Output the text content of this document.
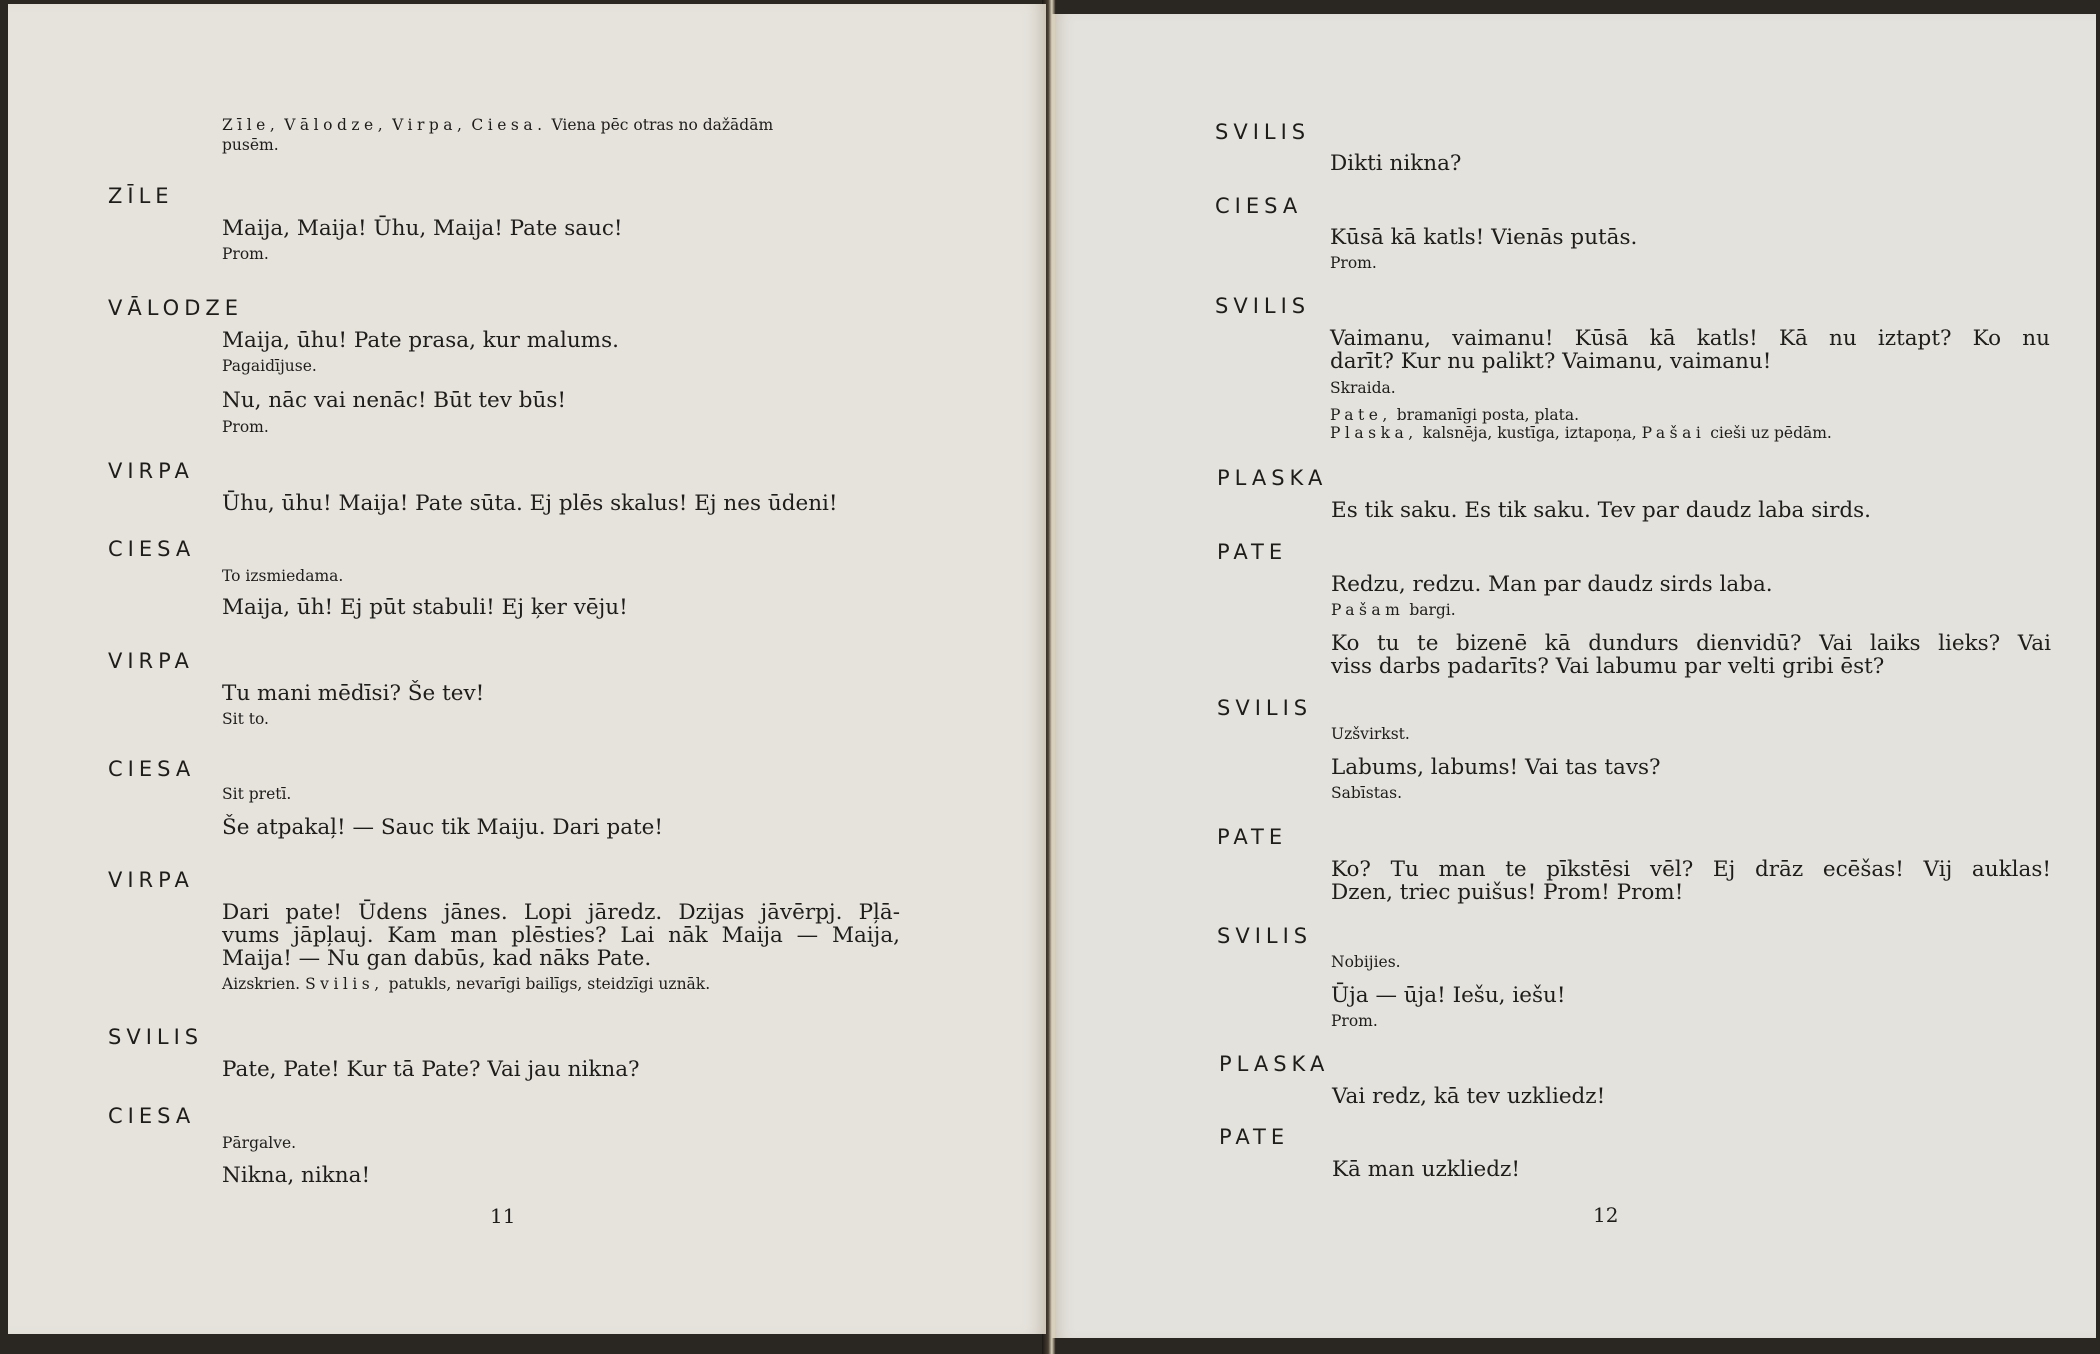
Zīle, Vālodze, Virpa, Ciesa. Viena pēc otras no dažādām
pusēm.
ZĪLE
Maija, Maija! Ūhu, Maija! Pate sauc!
Prom.
VĀLODZE
Maija, ūhu! Pate prasa, kur malums.
Pagaidījuse.
Nu, nāc vai nenāc! Būt tev būs!
Prom.
VIRPA
Ūhu, ūhu! Maija! Pate sūta. Ej plēs skalus! Ej nes ūdeni!
CIESA
To izsmiedama.
Maija, ūh! Ej pūt stabuli! Ej ķer vēju!
VIRPA
Tu mani mēdīsi? Še tev!
Sit to.
CIESA
Sit pretī.
Še atpakaļ! — Sauc tik Maiju. Dari pate!
VIRPA
Dari pate! Ūdens jānes. Lopi jāredz. Dzijas jāvērpj. Pļā-
vums jāpļauj. Kam man plēsties? Lai nāk Maija — Maija,
Maija! — Nu gan dabūs, kad nāks Pate.
Aizskrien. Svilis, patukls, nevarīgi bailīgs, steidzīgi uznāk.
SVILIS
Pate, Pate! Kur tā Pate? Vai jau nikna?
CIESA
Pārgalve.
Nikna, nikna!
11
SVILIS
Dikti nikna?
CIESA
Kūsā kā katls! Vienās putās.
Prom.
SVILIS
Vaimanu, vaimanu! Kūsā kā katls! Kā nu iztapt? Ko nu
darīt? Kur nu palikt? Vaimanu, vaimanu!
Skraida.
Pate, bramanīgi posta, plata.
Plaska, kalsnēja, kustīga, iztapoņa, Pašai cieši uz pēdām.
PLASKA
Es tik saku. Es tik saku. Tev par daudz laba sirds.
PATE
Redzu, redzu. Man par daudz sirds laba.
Pašam bargi.
Ko tu te bizenē kā dundurs dienvidū? Vai laiks lieks? Vai
viss darbs padarīts? Vai labumu par velti gribi ēst?
SVILIS
Uzšvirkst.
Labums, labums! Vai tas tavs?
Sabīstas.
PATE
Ko? Tu man te pīkstēsi vēl? Ej drāz ecēšas! Vij auklas!
Dzen, triec puišus! Prom! Prom!
SVILIS
Nobijies.
Ūja — ūja! Iešu, iešu!
Prom.
PLASKA
Vai redz, kā tev uzkliedz!
PATE
Kā man uzkliedz!
12
